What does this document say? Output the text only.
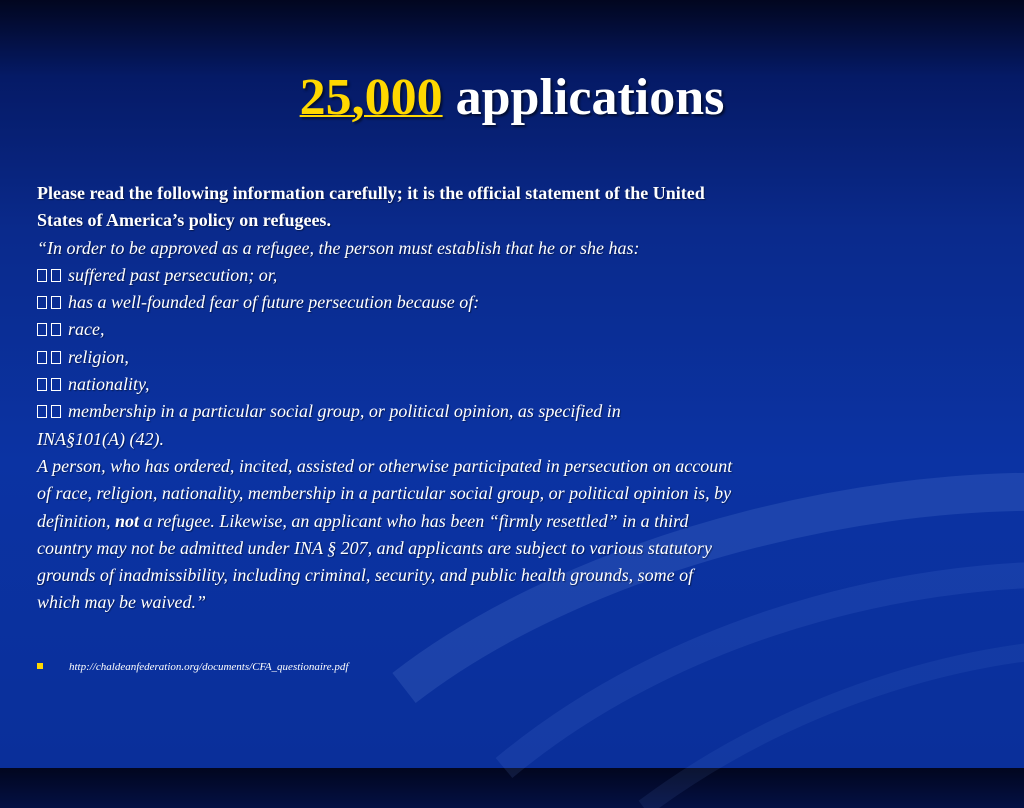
25,000 applications
Please read the following information carefully; it is the official statement of the United
States of America’s policy on refugees.
“In order to be approved as a refugee, the person must establish that he or she has:
suffered past persecution; or,
has a well-founded fear of future persecution because of:
race,
religion,
nationality,
membership in a particular social group, or political opinion, as specified in
INA§101(A) (42).
A person, who has ordered, incited, assisted or otherwise participated in persecution on account
of race, religion, nationality, membership in a particular social group, or political opinion is, by
definition, not a refugee. Likewise, an applicant who has been “firmly resettled” in a third
country may not be admitted under INA § 207, and applicants are subject to various statutory
grounds of inadmissibility, including criminal, security, and public health grounds, some of
which may be waived.”
http://chaldeanfederation.org/documents/CFA_questionaire.pdf
